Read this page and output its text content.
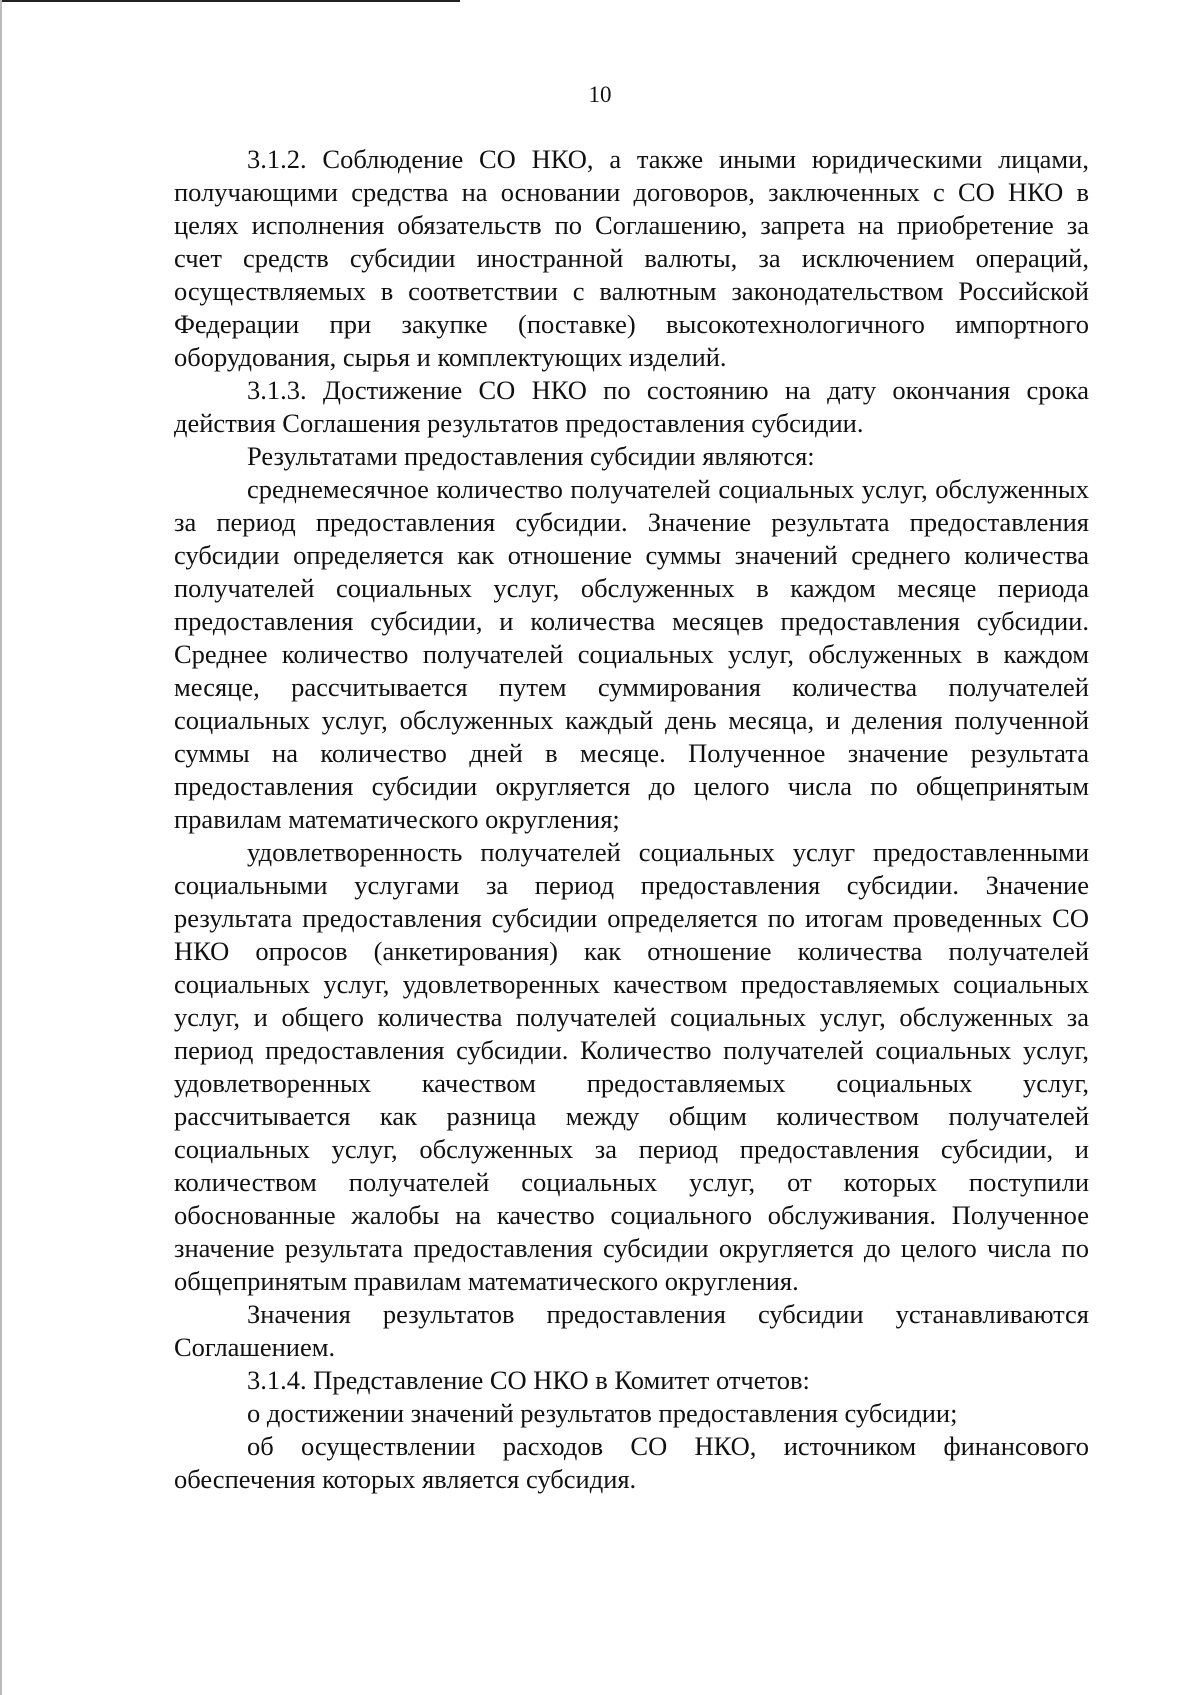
10

3.1.2. Соблюдение СО НКО, а также иными юридическими лицами, получающими средства на основании договоров, заключенных с СО НКО в целях исполнения обязательств по Соглашению, запрета на приобретение за счет средств субсидии иностранной валюты, за исключением операций, осуществляемых в соответствии с валютным законодательством Российской Федерации при закупке (поставке) высокотехнологичного импортного оборудования, сырья и комплектующих изделий.

3.1.3. Достижение СО НКО по состоянию на дату окончания срока действия Соглашения результатов предоставления субсидии.

Результатами предоставления субсидии являются:

среднемесячное количество получателей социальных услуг, обслуженных за период предоставления субсидии. Значение результата предоставления субсидии определяется как отношение суммы значений среднего количества получателей социальных услуг, обслуженных в каждом месяце периода предоставления субсидии, и количества месяцев предоставления субсидии. Среднее количество получателей социальных услуг, обслуженных в каждом месяце, рассчитывается путем суммирования количества получателей социальных услуг, обслуженных каждый день месяца, и деления полученной суммы на количество дней в месяце. Полученное значение результата предоставления субсидии округляется до целого числа по общепринятым правилам математического округления;

удовлетворенность получателей социальных услуг предоставленными социальными услугами за период предоставления субсидии. Значение результата предоставления субсидии определяется по итогам проведенных СО НКО опросов (анкетирования) как отношение количества получателей социальных услуг, удовлетворенных качеством предоставляемых социальных услуг, и общего количества получателей социальных услуг, обслуженных за период предоставления субсидии. Количество получателей социальных услуг, удовлетворенных качеством предоставляемых социальных услуг, рассчитывается как разница между общим количеством получателей социальных услуг, обслуженных за период предоставления субсидии, и количеством получателей социальных услуг, от которых поступили обоснованные жалобы на качество социального обслуживания. Полученное значение результата предоставления субсидии округляется до целого числа по общепринятым правилам математического округления.

Значения результатов предоставления субсидии устанавливаются Соглашением.

3.1.4. Представление СО НКО в Комитет отчетов:

о достижении значений результатов предоставления субсидии;

об осуществлении расходов СО НКО, источником финансового обеспечения которых является субсидия.
